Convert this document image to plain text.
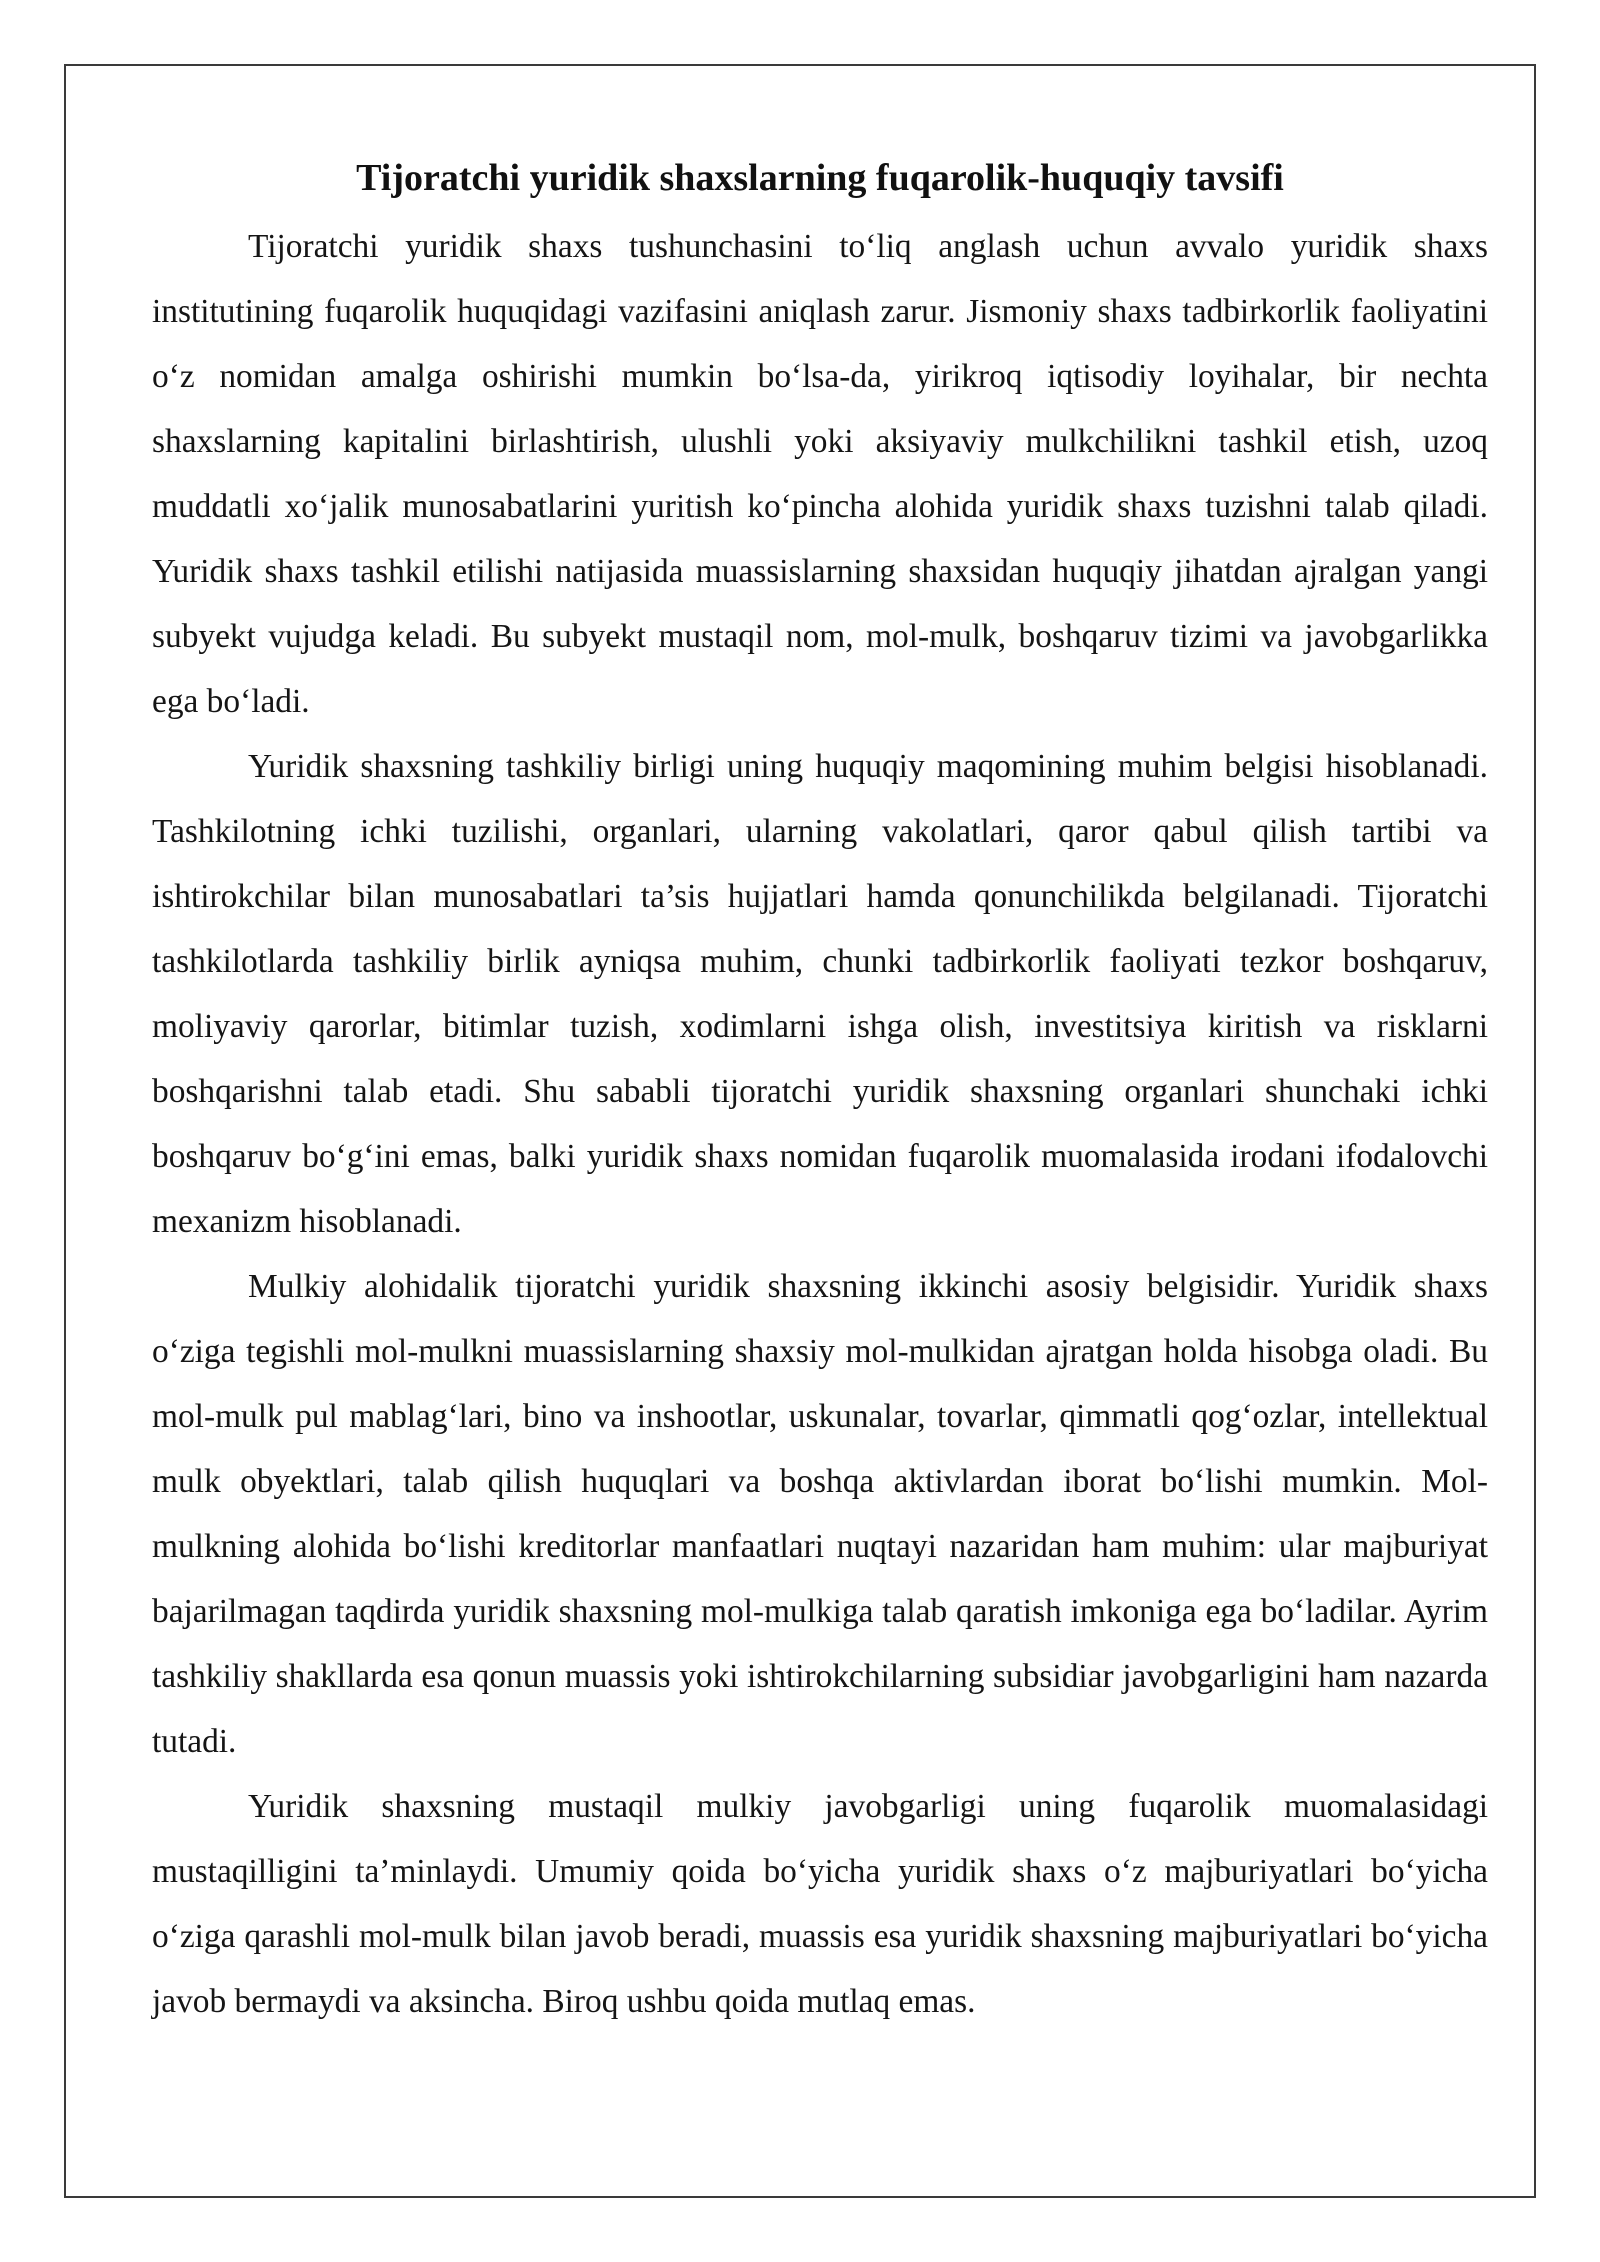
Tijoratchi yuridik shaxslarning fuqarolik-huquqiy tavsifi

Tijoratchi yuridik shaxs tushunchasini to‘liq anglash uchun avvalo yuridik shaxs institutining fuqarolik huquqidagi vazifasini aniqlash zarur. Jismoniy shaxs tadbirkorlik faoliyatini o‘z nomidan amalga oshirishi mumkin bo‘lsa-da, yirikroq iqtisodiy loyihalar, bir nechta shaxslarning kapitalini birlashtirish, ulushli yoki aksiyaviy mulkchilikni tashkil etish, uzoq muddatli xo‘jalik munosabatlarini yuritish ko‘pincha alohida yuridik shaxs tuzishni talab qiladi. Yuridik shaxs tashkil etilishi natijasida muassislarning shaxsidan huquqiy jihatdan ajralgan yangi subyekt vujudga keladi. Bu subyekt mustaqil nom, mol-mulk, boshqaruv tizimi va javobgarlikka ega bo‘ladi.

Yuridik shaxsning tashkiliy birligi uning huquqiy maqomining muhim belgisi hisoblanadi. Tashkilotning ichki tuzilishi, organlari, ularning vakolatlari, qaror qabul qilish tartibi va ishtirokchilar bilan munosabatlari ta’sis hujjatlari hamda qonunchilikda belgilanadi. Tijoratchi tashkilotlarda tashkiliy birlik ayniqsa muhim, chunki tadbirkorlik faoliyati tezkor boshqaruv, moliyaviy qarorlar, bitimlar tuzish, xodimlarni ishga olish, investitsiya kiritish va risklarni boshqarishni talab etadi. Shu sababli tijoratchi yuridik shaxsning organlari shunchaki ichki boshqaruv bo‘g‘ini emas, balki yuridik shaxs nomidan fuqarolik muomalasida irodani ifodalovchi mexanizm hisoblanadi.

Mulkiy alohidalik tijoratchi yuridik shaxsning ikkinchi asosiy belgisidir. Yuridik shaxs o‘ziga tegishli mol-mulkni muassislarning shaxsiy mol-mulkidan ajratgan holda hisobga oladi. Bu mol-mulk pul mablag‘lari, bino va inshootlar, uskunalar, tovarlar, qimmatli qog‘ozlar, intellektual mulk obyektlari, talab qilish huquqlari va boshqa aktivlardan iborat bo‘lishi mumkin. Mol-mulkning alohida bo‘lishi kreditorlar manfaatlari nuqtayi nazaridan ham muhim: ular majburiyat bajarilmagan taqdirda yuridik shaxsning mol-mulkiga talab qaratish imkoniga ega bo‘ladilar. Ayrim tashkiliy shakllarda esa qonun muassis yoki ishtirokchilarning subsidiar javobgarligini ham nazarda tutadi.

Yuridik shaxsning mustaqil mulkiy javobgarligi uning fuqarolik muomalasidagi mustaqilligini ta’minlaydi. Umumiy qoida bo‘yicha yuridik shaxs o‘z majburiyatlari bo‘yicha o‘ziga qarashli mol-mulk bilan javob beradi, muassis esa yuridik shaxsning majburiyatlari bo‘yicha javob bermaydi va aksincha. Biroq ushbu qoida mutlaq emas.
